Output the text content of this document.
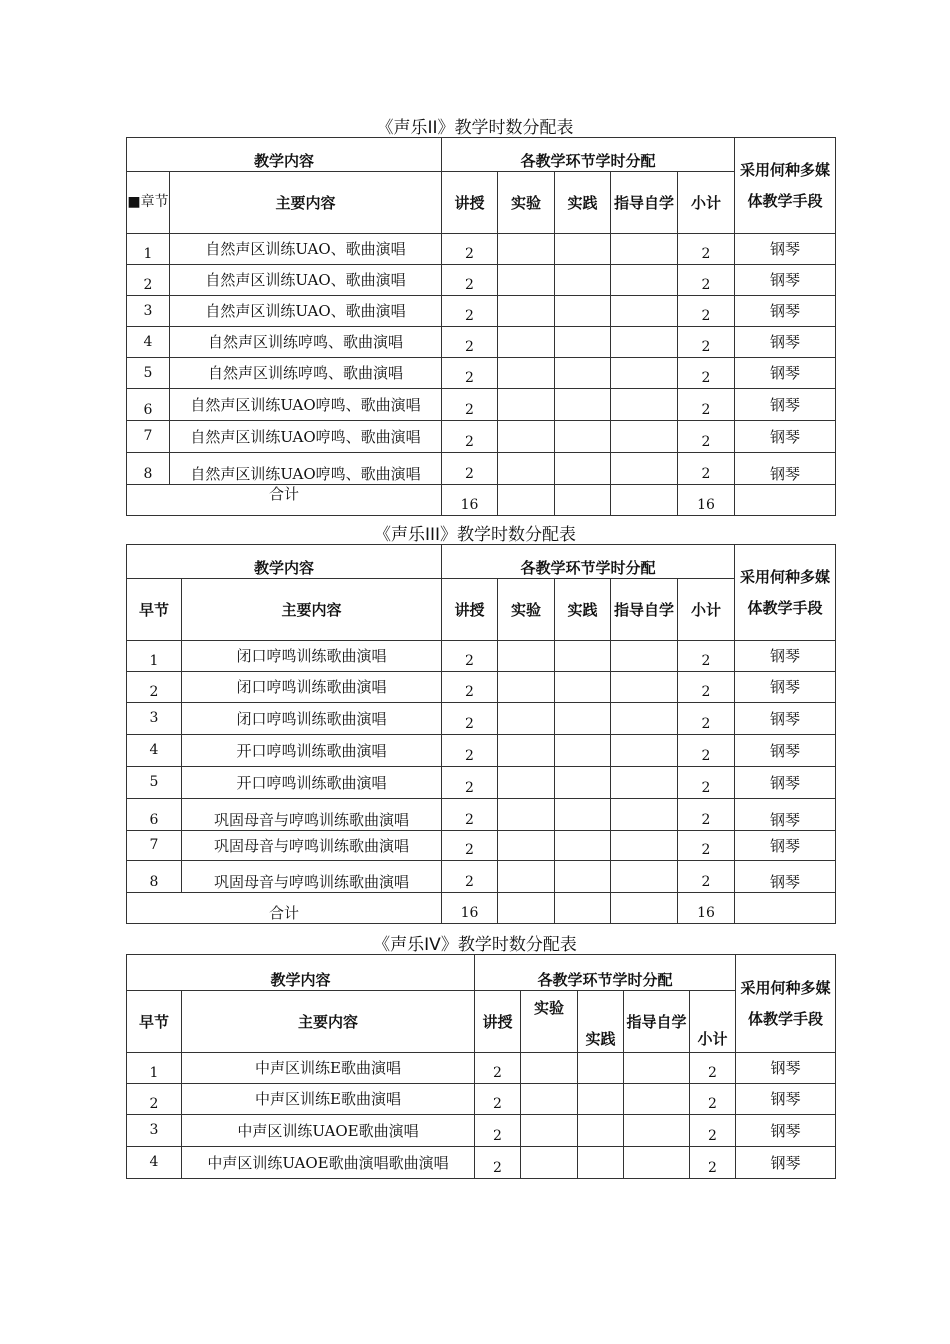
《声乐II》教学时数分配表
教学内容		各教学环节学时分配					采用何种多媒体教学手段
■章节	主要内容	讲授	实验	实践	指导自学	小计	
1	自然声区训练UAO、歌曲演唱	2				2	钢琴
2	自然声区训练UAO、歌曲演唱	2				2	钢琴
3	自然声区训练UAO、歌曲演唱	2				2	钢琴
4	自然声区训练哼鸣、歌曲演唱	2				2	钢琴
5	自然声区训练哼鸣、歌曲演唱	2				2	钢琴
6	自然声区训练UAO哼鸣、歌曲演唱	2				2	钢琴
7	自然声区训练UAO哼鸣、歌曲演唱	2				2	钢琴
8	自然声区训练UAO哼鸣、歌曲演唱	2				2	钢琴
合计		16				16	
《声乐III》教学时数分配表
教学内容		各教学环节学时分配					采用何种多媒体教学手段
早节	主要内容	讲授	实验	实践	指导自学	小计	
1	闭口哼鸣训练歌曲演唱	2				2	钢琴
2	闭口哼鸣训练歌曲演唱	2				2	钢琴
3	闭口哼鸣训练歌曲演唱	2				2	钢琴
4	开口哼鸣训练歌曲演唱	2				2	钢琴
5	开口哼鸣训练歌曲演唱	2				2	钢琴
6	巩固母音与哼鸣训练歌曲演唱	2				2	钢琴
7	巩固母音与哼鸣训练歌曲演唱	2				2	钢琴
8	巩固母音与哼鸣训练歌曲演唱	2				2	钢琴
合计		16				16	
《声乐IV》教学时数分配表
教学内容		各教学环节学时分配					采用何种多媒体教学手段
早节	主要内容	讲授	实验	实践	指导自学	小计	
1	中声区训练E歌曲演唱	2				2	钢琴
2	中声区训练E歌曲演唱	2				2	钢琴
3	中声区训练UAOE歌曲演唱	2				2	钢琴
4	中声区训练UAOE歌曲演唱歌曲演唱	2				2	钢琴
